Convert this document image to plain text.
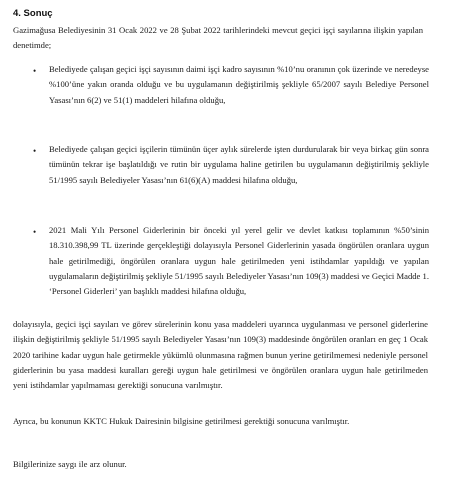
4. Sonuç
Gazimağusa Belediyesinin 31 Ocak 2022 ve 28 Şubat 2022 tarihlerindeki mevcut geçici işçi sayılarına ilişkin yapılan denetimde;
• Belediyede çalışan geçici işçi sayısının daimi işçi kadro sayısının %10’nu oranının çok üzerinde ve neredeyse %100’üne yakın oranda olduğu ve bu uygulamanın değiştirilmiş şekliyle 65/2007 sayılı Belediye Personel Yasası’nın 6(2) ve 51(1) maddeleri hilafına olduğu,
• Belediyede çalışan geçici işçilerin tümünün üçer aylık sürelerde işten durdurularak bir veya birkaç gün sonra tümünün tekrar işe başlatıldığı ve rutin bir uygulama haline getirilen bu uygulamanın değiştirilmiş şekliyle 51/1995 sayılı Belediyeler Yasası’nın 61(6)(A) maddesi hilafına olduğu,
• 2021 Mali Yılı Personel Giderlerinin bir önceki yıl yerel gelir ve devlet katkısı toplamının %50’sinin 18.310.398,99 TL üzerinde gerçekleştiği dolayısıyla Personel Giderlerinin yasada öngörülen oranlara uygun hale getirilmediği, öngörülen oranlara uygun hale getirilmeden yeni istihdamlar yapıldığı ve yapılan uygulamaların değiştirilmiş şekliyle 51/1995 sayılı Belediyeler Yasası’nın 109(3) maddesi ve Geçici Madde 1. ‘Personel Giderleri’ yan başlıklı maddesi hilafına olduğu,
dolayısıyla, geçici işçi sayıları ve görev sürelerinin konu yasa maddeleri uyarınca uygulanması ve personel giderlerine ilişkin değiştirilmiş şekliyle 51/1995 sayılı Belediyeler Yasası’nın 109(3) maddesinde öngörülen oranları en geç 1 Ocak 2020 tarihine kadar uygun hale getirmekle yükümlü olunmasına rağmen bunun yerine getirilmemesi nedeniyle personel giderlerinin bu yasa maddesi kuralları gereği uygun hale getirilmesi ve öngörülen oranlara uygun hale getirilmeden yeni istihdamlar yapılmaması gerektiği sonucuna varılmıştır.
Ayrıca, bu konunun KKTC Hukuk Dairesinin bilgisine getirilmesi gerektiği sonucuna varılmıştır.
Bilgilerinize saygı ile arz olunur.
